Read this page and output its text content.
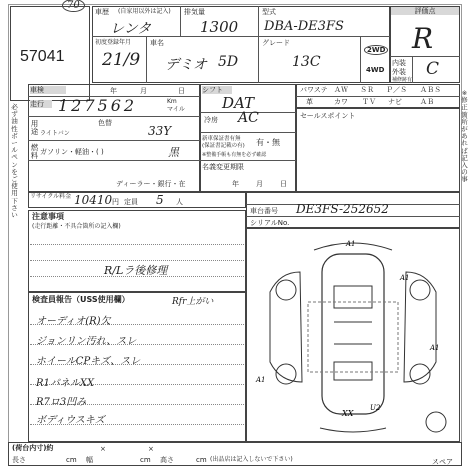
70
57041
車歴 (自家用以外は記入)
レンタ
排気量
1300
型式
DBA-DE3FS
初度登録年月
21/9
車名
デミオ 5D
グレード
13C
2WD
4WD
評価点
R
内装
外装
補修跡有
C
車検	年	月	日
走行 127562	Km
マイル
色替
ライトバン	33Y
ガソリン・軽油・( )	黒
ディーラー・銀行・在
用途
燃料
リサイクル料金 10410 円 定員 5 人
シフト
DAT
冷房 AC
新車保証書有無
(保証書記載の有) 有・無
※整備手帳も有無を必ず確認
名義変更期限
年 月 日
パワステ ＡＷ ＳＲ Ｐ／Ｓ ＡＢＳ
革	カワ ＴＶ ナビ	ＡＢ
セールスポイント
車台番号 DE3FS-252652
シリアルNo.
注意事項
(走行距離・不具合箇所の記入欄)
R/Lラ後修理
検査員報告（USS使用欄）	Rfr上がい
オーディオ(R)欠
ジョンリン汚れ、スレ
ホイールCPキズ、スレ
R1パネルXX
R7ロ3凹み
ボディウスキズ
A1
A1
A1
XX
U2
A1
スペア
(荷台内寸)約
長さ	cm
×
幅	cm
×
高さ	cm (出品店は記入しないで下さい)
必ず油性ボールペンをご使用下さい
※修正箇所があれば記入の事
